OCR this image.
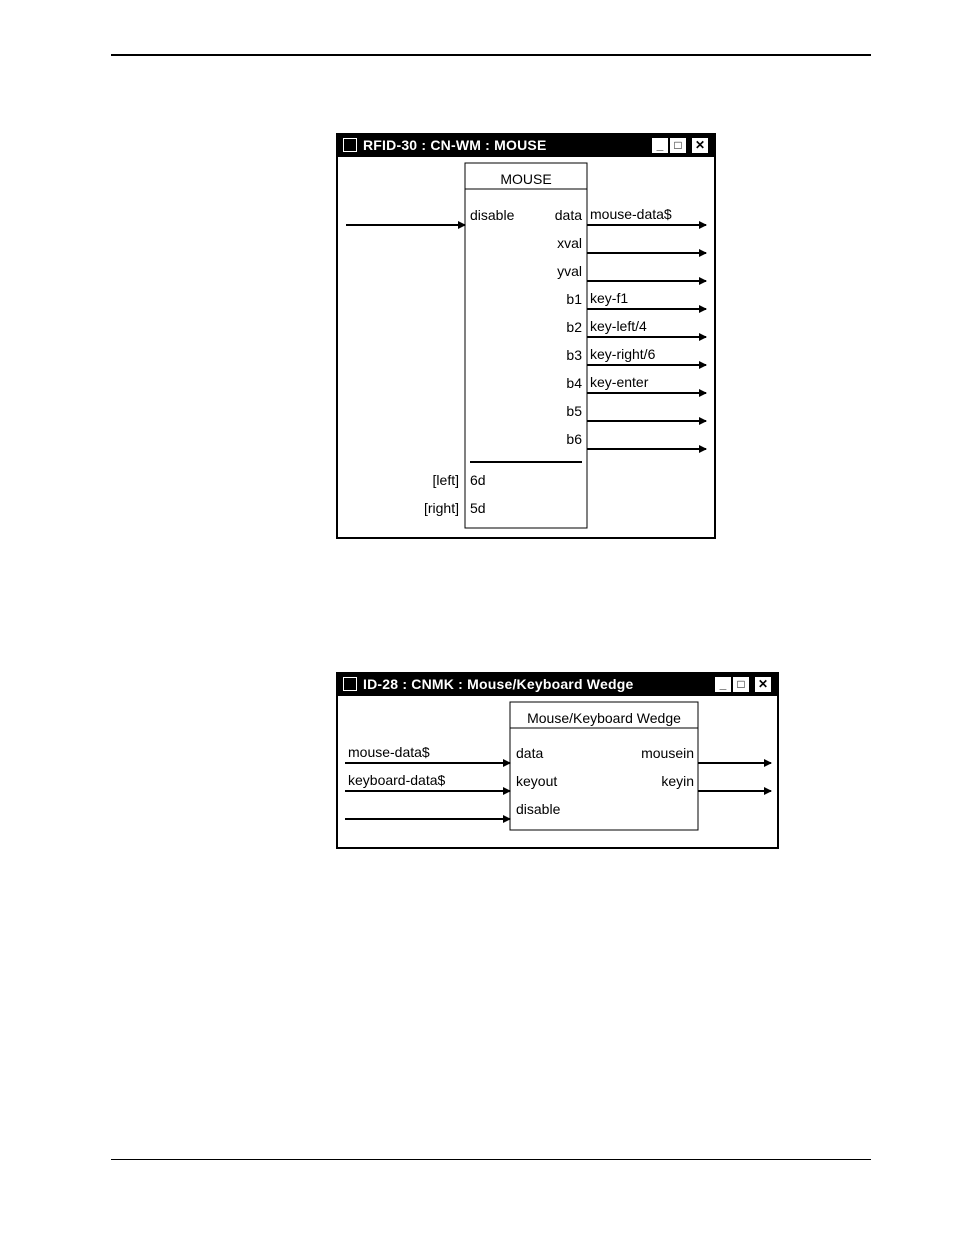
RFID-30 : CN-WM : MOUSE	_ □	✕
MOUSE
disable	data mouse-data$
xval
yval
b1 key-f1
b2 key-left/4
b3 key-right/6
b4 key-enter
b5
b6
[left] 6d
[right] 5d
ID-28 : CNMK : Mouse/Keyboard Wedge	_ □	✕
Mouse/Keyboard Wedge
mouse-data$	data
keyboard-data$	keyout
disable
mousein
keyin
